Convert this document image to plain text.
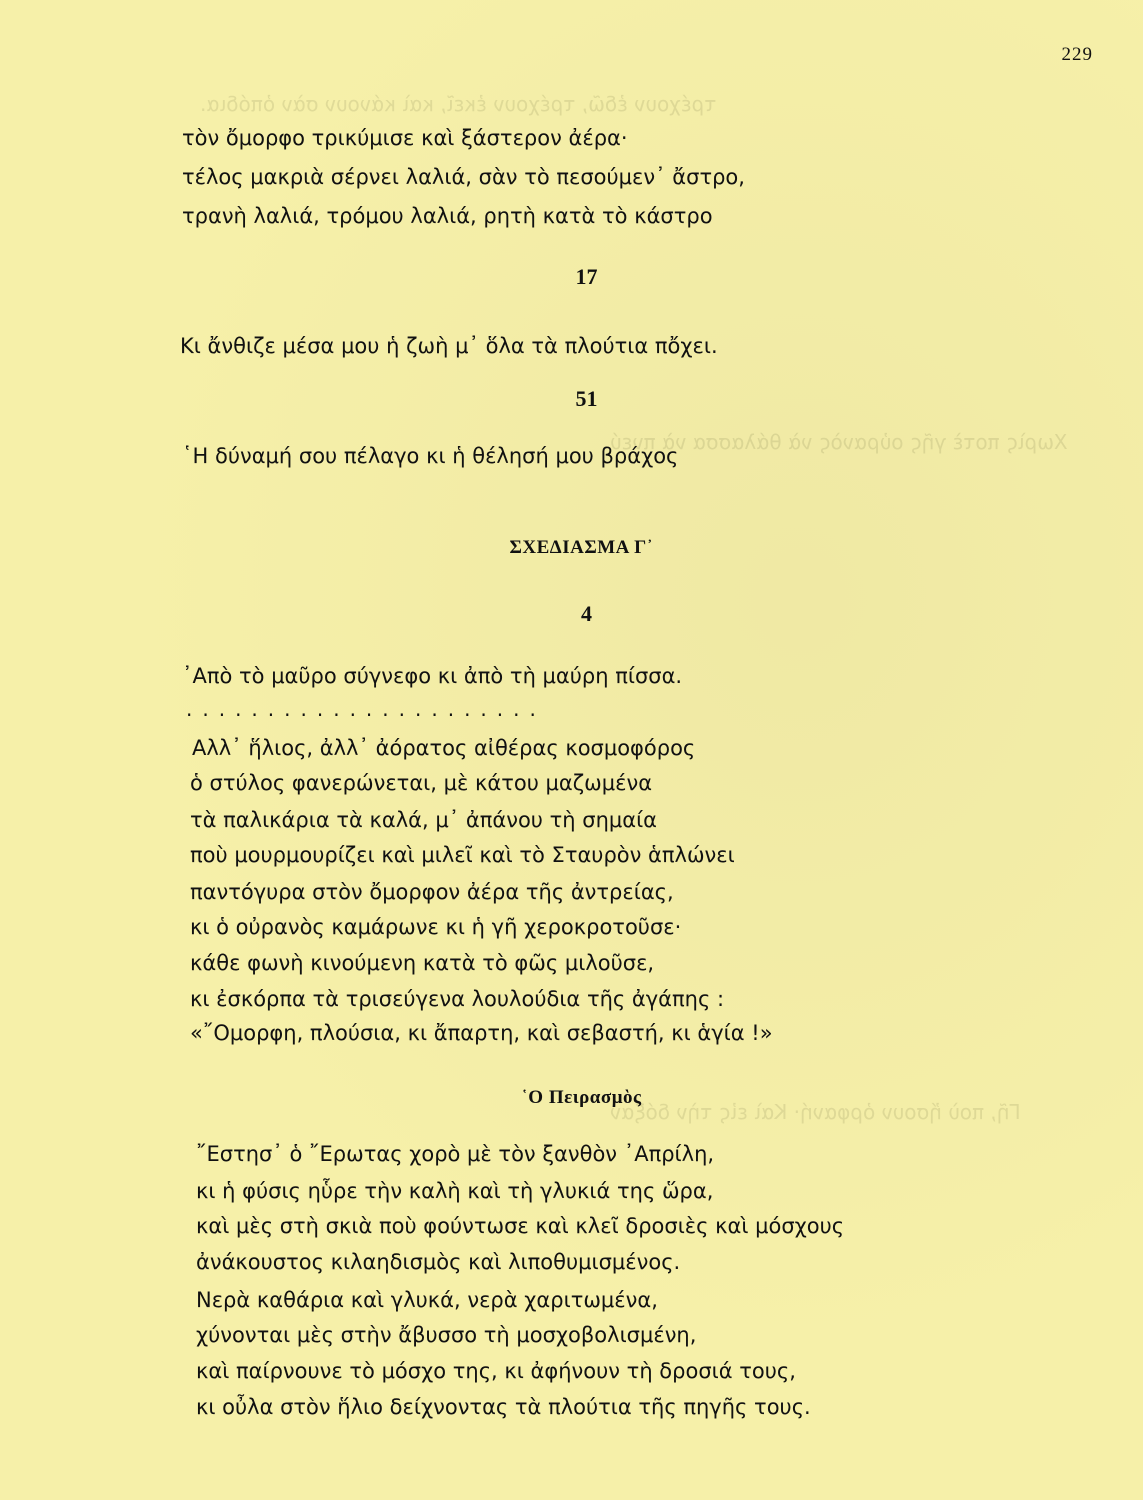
τρέχουν ἐδῶ, τρέχουν ἐκεῖ, καὶ κάνουν σὰν ὀπόδια.
Χωρὶς ποτὲ γῆς οὐρανὸς νὰ θάλασσα νὰ πνεύ
Γῆ, ποὺ ἤσουν ὀρφανή· Καὶ εἰς τὴν δόξαν
229
τὸν ὄμορφο τρικύμισε καὶ ξάστερον ἀέρα·
τέλος μακριὰ σέρνει λαλιά, σὰν τὸ πεσούμεν᾽ ἄστρο,
τρανὴ λαλιά, τρόμου λαλιά, ρητὴ κατὰ τὸ κάστρο
17
Κι ἄνθιζε μέσα μου ἡ ζωὴ μ᾽ ὅλα τὰ πλούτια πὄχει.
51
῾Η δύναμή σου πέλαγο κι ἡ θέλησή μου βράχος
ΣΧΕΔΙΑΣΜΑ Γ᾽
4
᾽Απὸ τὸ μαῦρο σύγνεφο κι ἀπὸ τὴ μαύρη πίσσα.
......................
Αλλ᾽ ἥλιος, ἀλλ᾽ ἀόρατος αἰθέρας κοσμοφόρος
ὁ στύλος φανερώνεται, μὲ κάτου μαζωμένα
τὰ παλικάρια τὰ καλά, μ᾽ ἀπάνου τὴ σημαία
ποὺ μουρμουρίζει καὶ μιλεῖ καὶ τὸ Σταυρὸν ἁπλώνει
παντόγυρα στὸν ὄμορφον ἀέρα τῆς ἀντρείας,
κι ὁ οὐρανὸς καμάρωνε κι ἡ γῆ χεροκροτοῦσε·
κάθε φωνὴ κινούμενη κατὰ τὸ φῶς μιλοῦσε,
κι ἐσκόρπα τὰ τρισεύγενα λουλούδια τῆς ἀγάπης :
«῎Ομορφη, πλούσια, κι ἄπαρτη, καὶ σεβαστή, κι ἁγία !»
῾Ο Πειρασμὸς
῎Εστησ᾽ ὁ ῎Ερωτας χορὸ μὲ τὸν ξανθὸν ᾽Απρίλη,
κι ἡ φύσις ηὗρε τὴν καλὴ καὶ τὴ γλυκιά της ὥρα,
καὶ μὲς στὴ σκιὰ ποὺ φούντωσε καὶ κλεῖ δροσιὲς καὶ μόσχους
ἀνάκουστος κιλαηδισμὸς καὶ λιποθυμισμένος.
Νερὰ καθάρια καὶ γλυκά, νερὰ χαριτωμένα,
χύνονται μὲς στὴν ἄβυσσο τὴ μοσχοβολισμένη,
καὶ παίρνουνε τὸ μόσχο της, κι ἀφήνουν τὴ δροσιά τους,
κι οὖλα στὸν ἥλιο δείχνοντας τὰ πλούτια τῆς πηγῆς τους.
